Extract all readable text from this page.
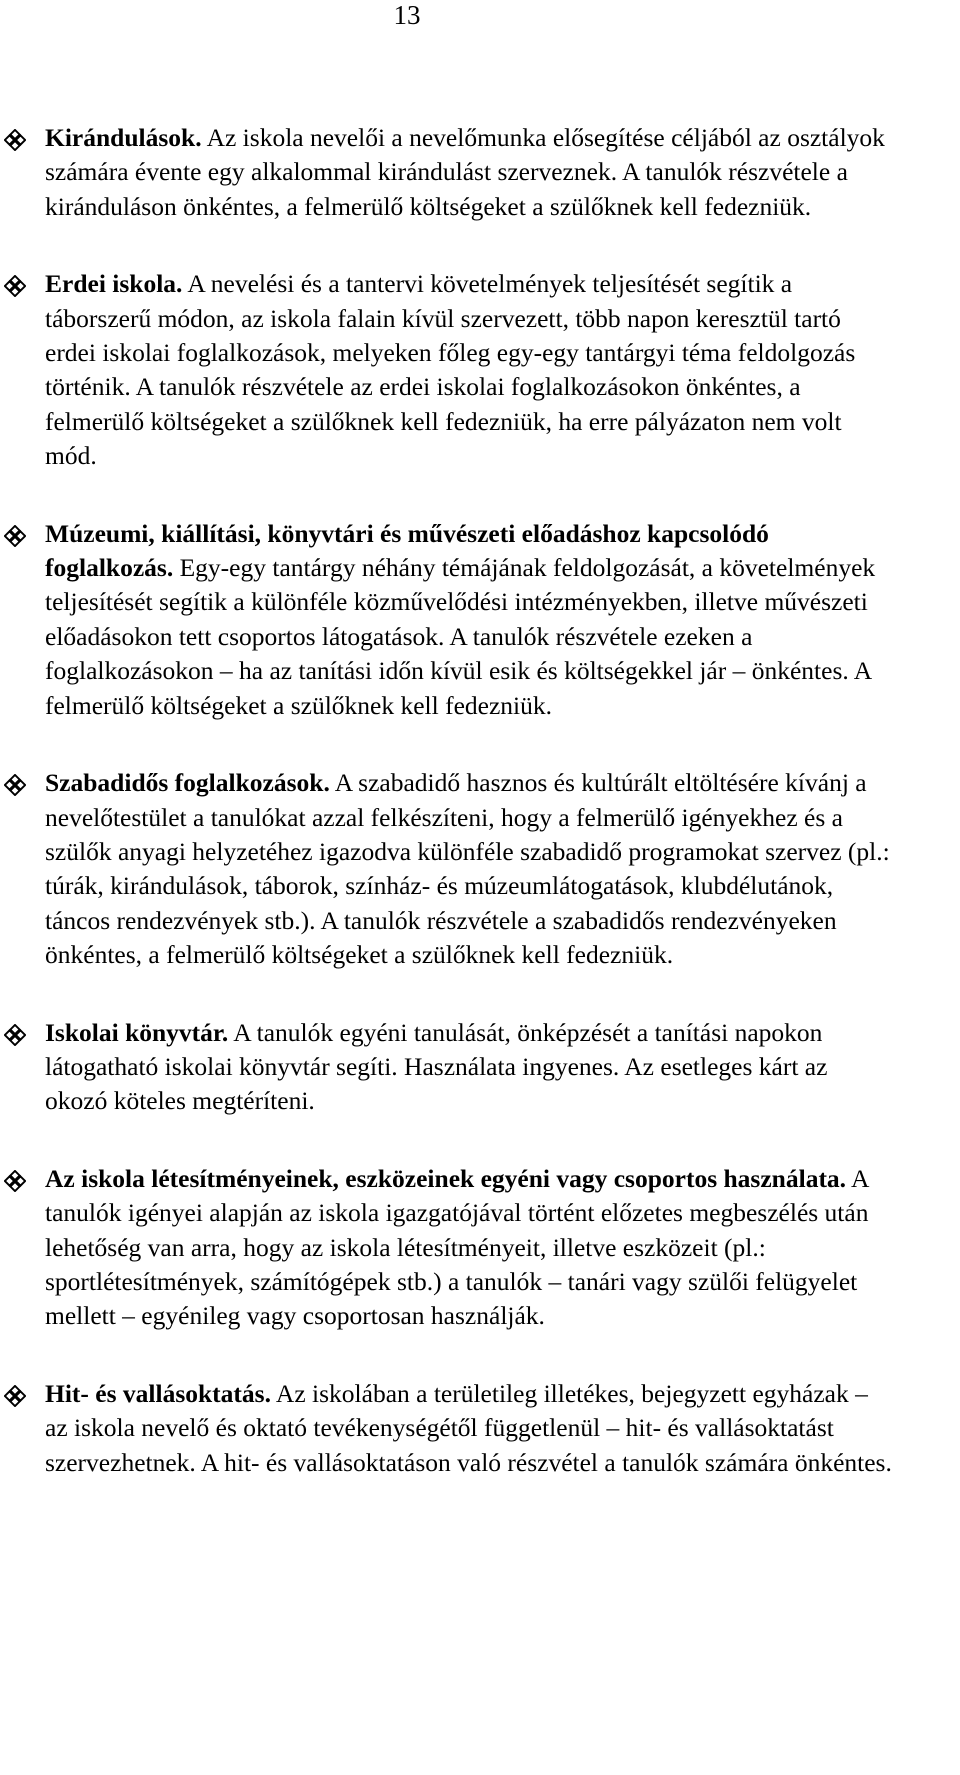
13
Kirándulások. Az iskola nevelői a nevelőmunka elősegítése céljából az osztályok számára évente egy alkalommal kirándulást szerveznek. A tanulók részvétele a kiránduláson önkéntes, a felmerülő költségeket a szülőknek kell fedezniük.
Erdei iskola. A nevelési és a tantervi követelmények teljesítését segítik a táborszerű módon, az iskola falain kívül szervezett, több napon keresztül tartó erdei iskolai foglalkozások, melyeken főleg egy-egy tantárgyi téma feldolgozás történik. A tanulók részvétele az erdei iskolai foglalkozásokon önkéntes, a felmerülő költségeket a szülőknek kell fedezniük, ha erre pályázaton nem volt mód.
Múzeumi, kiállítási, könyvtári és művészeti előadáshoz kapcsolódó foglalkozás. Egy-egy tantárgy néhány témájának feldolgozását, a követelmények teljesítését segítik a különféle közművelődési intézményekben, illetve művészeti előadásokon tett csoportos látogatások. A tanulók részvétele ezeken a foglalkozásokon – ha az tanítási időn kívül esik és költségekkel jár – önkéntes. A felmerülő költségeket a szülőknek kell fedezniük.
Szabadidős foglalkozások. A szabadidő hasznos és kultúrált eltöltésére kívánj a nevelőtestület a tanulókat azzal felkészíteni, hogy a felmerülő igényekhez és a szülők anyagi helyzetéhez igazodva különféle szabadidő programokat szervez (pl.: túrák, kirándulások, táborok, színház- és múzeumlátogatások, klubdélutánok, táncos rendezvények stb.). A tanulók részvétele a szabadidős rendezvényeken önkéntes, a felmerülő költségeket a szülőknek kell fedezniük.
Iskolai könyvtár. A tanulók egyéni tanulását, önképzését a tanítási napokon látogatható iskolai könyvtár segíti. Használata ingyenes. Az esetleges kárt az okozó köteles megtéríteni.
Az iskola létesítményeinek, eszközeinek egyéni vagy csoportos használata. A tanulók igényei alapján az iskola igazgatójával történt előzetes megbeszélés után lehetőség van arra, hogy az iskola létesítményeit, illetve eszközeit (pl.: sportlétesítmények, számítógépek stb.) a tanulók – tanári vagy szülői felügyelet mellett – egyénileg vagy csoportosan használják.
Hit- és vallásoktatás. Az iskolában a területileg illetékes, bejegyzett egyházak – az iskola nevelő és oktató tevékenységétől függetlenül – hit- és vallásoktatást szervezhetnek. A hit- és vallásoktatáson való részvétel a tanulók számára önkéntes.
